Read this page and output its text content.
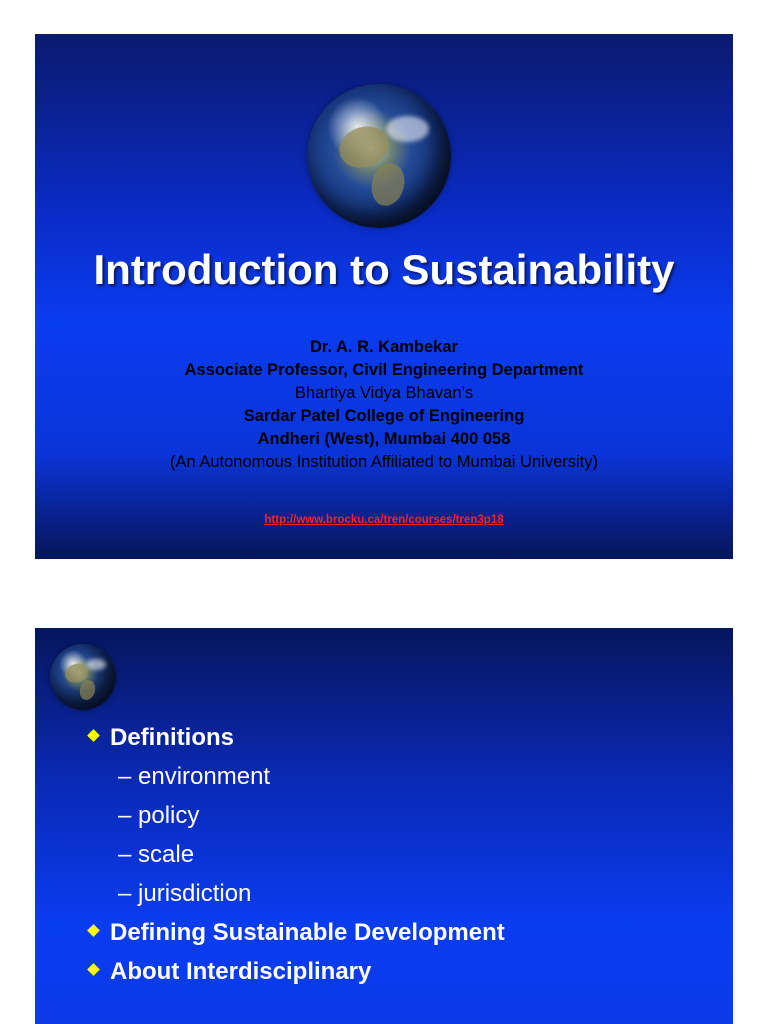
Introduction to Sustainability
Dr. A. R. Kambekar
Associate Professor, Civil Engineering Department
Bhartiya Vidya Bhavan’s
Sardar Patel College of Engineering
Andheri (West), Mumbai 400 058
(An Autonomous Institution Affiliated to Mumbai University)
http://www.brocku.ca/tren/courses/tren3p18
Definitions
– environment
– policy
– scale
– jurisdiction
Defining Sustainable Development
About Interdisciplinary
